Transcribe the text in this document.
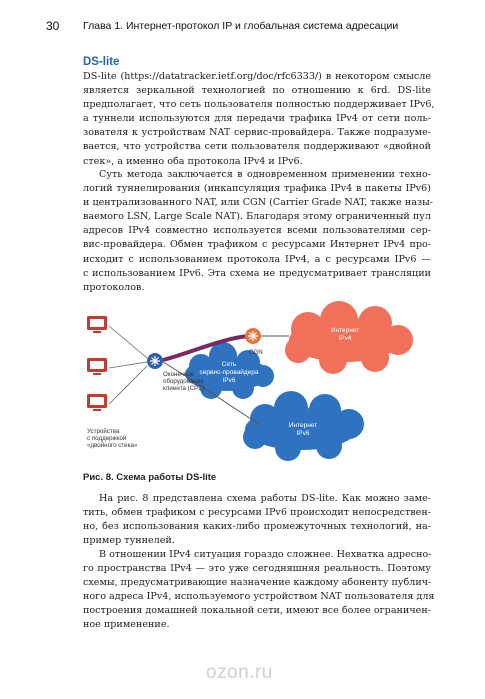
30 Глава 1. Интернет-протокол IP и глобальная система адресации
DS-lite
DS-lite (https://datatracker.ietf.org/doc/rfc6333/) в некотором смысле
является зеркальной технологией по отношению к 6rd. DS-lite
предполагает, что сеть пользователя полностью поддерживает IPv6,
а туннели используются для передачи трафика IPv4 от сети поль-
зователя к устройствам NAT сервис-провайдера. Также подразуме-
вается, что устройства сети пользователя поддерживают «двойной
стек», а именно оба протокола IPv4 и IPv6.
Суть метода заключается в одновременном применении техно-
логий туннелирования (инкапсуляция трафика IPv4 в пакеты IPv6)
и централизованного NAT, или CGN (Carrier Grade NAT, также назы-
ваемого LSN, Large Scale NAT). Благодаря этому ограниченный пул
адресов IPv4 совместно используется всеми пользователями сер-
вис-провайдера. Обмен трафиком с ресурсами Интернет IPv4 про-
исходит с использованием протокола IPv4, а с ресурсами IPv6 —
с использованием IPv6. Эта схема не предусматривает трансляции
протоколов.
Интернет
IPv4
Интернет
IPv6
Сеть
сервис-провайдера
IPv6
CGN
Оконечное
оборудование
клиента (CPE)
Устройства
с поддержкой
«двойного стека»
Рис. 8. Схема работы DS-lite
На рис. 8 представлена схема работы DS-lite. Как можно заме-
тить, обмен трафиком с ресурсами IPv6 происходит непосредствен-
но, без использования каких-либо промежуточных технологий, на-
пример туннелей.
В отношении IPv4 ситуация гораздо сложнее. Нехватка адресно-
го пространства IPv4 — это уже сегодняшняя реальность. Поэтому
схемы, предусматривающие назначение каждому абоненту публич-
ного адреса IPv4, используемого устройством NAT пользователя для
построения домашней локальной сети, имеют все более ограничен-
ное применение.
ozon.ru
